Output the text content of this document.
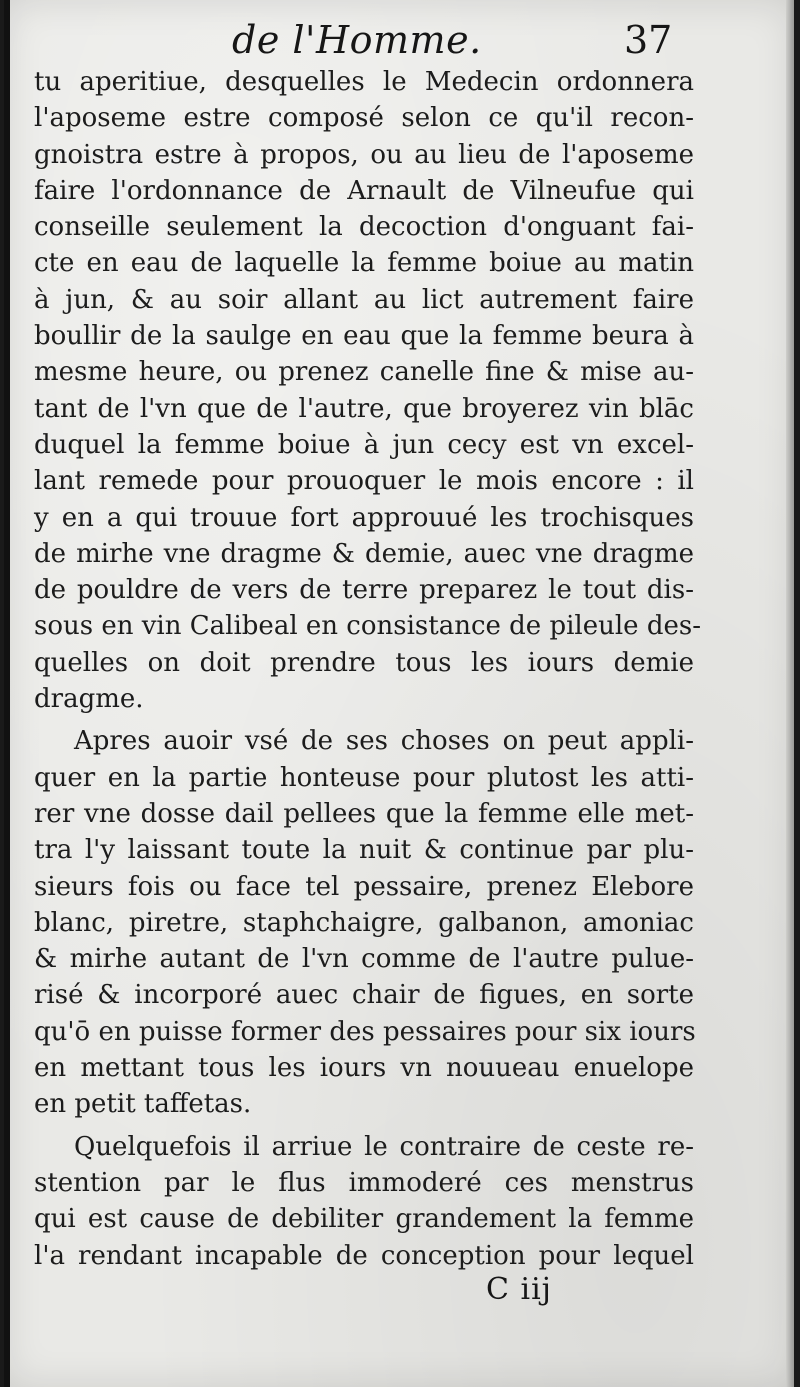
de l'Homme.	37
tu aperitiue, desquelles le Medecin ordonnera
l'aposeme estre composé selon ce qu'il recon-
gnoistra estre à propos, ou au lieu de l'aposeme
faire l'ordonnance de Arnault de Vilneufue qui
conseille seulement la decoction d'onguant fai-
cte en eau de laquelle la femme boiue au matin
à jun, & au soir allant au lict autrement faire
boullir de la saulge en eau que la femme beura à
mesme heure, ou prenez canelle fine & mise au-
tant de l'vn que de l'autre, que broyerez vin blāc
duquel la femme boiue à jun cecy est vn excel-
lant remede pour prouoquer le mois encore : il
y en a qui trouue fort approuué les trochisques
de mirhe vne dragme & demie, auec vne dragme
de pouldre de vers de terre preparez le tout dis-
sous en vin Calibeal en consistance de pileule des-
quelles on doit prendre tous les iours demie
dragme.
Apres auoir vsé de ses choses on peut appli-
quer en la partie honteuse pour plutost les atti-
rer vne dosse dail pellees que la femme elle met-
tra l'y laissant toute la nuit & continue par plu-
sieurs fois ou face tel pessaire, prenez Elebore
blanc, piretre, staphchaigre, galbanon, amoniac
& mirhe autant de l'vn comme de l'autre pulue-
risé & incorporé auec chair de figues, en sorte
qu'ō en puisse former des pessaires pour six iours
en mettant tous les iours vn nouueau enuelope
en petit taffetas.
Quelquefois il arriue le contraire de ceste re-
stention par le flus immoderé ces menstrus
qui est cause de debiliter grandement la femme
l'a rendant incapable de conception pour lequel
C iij
